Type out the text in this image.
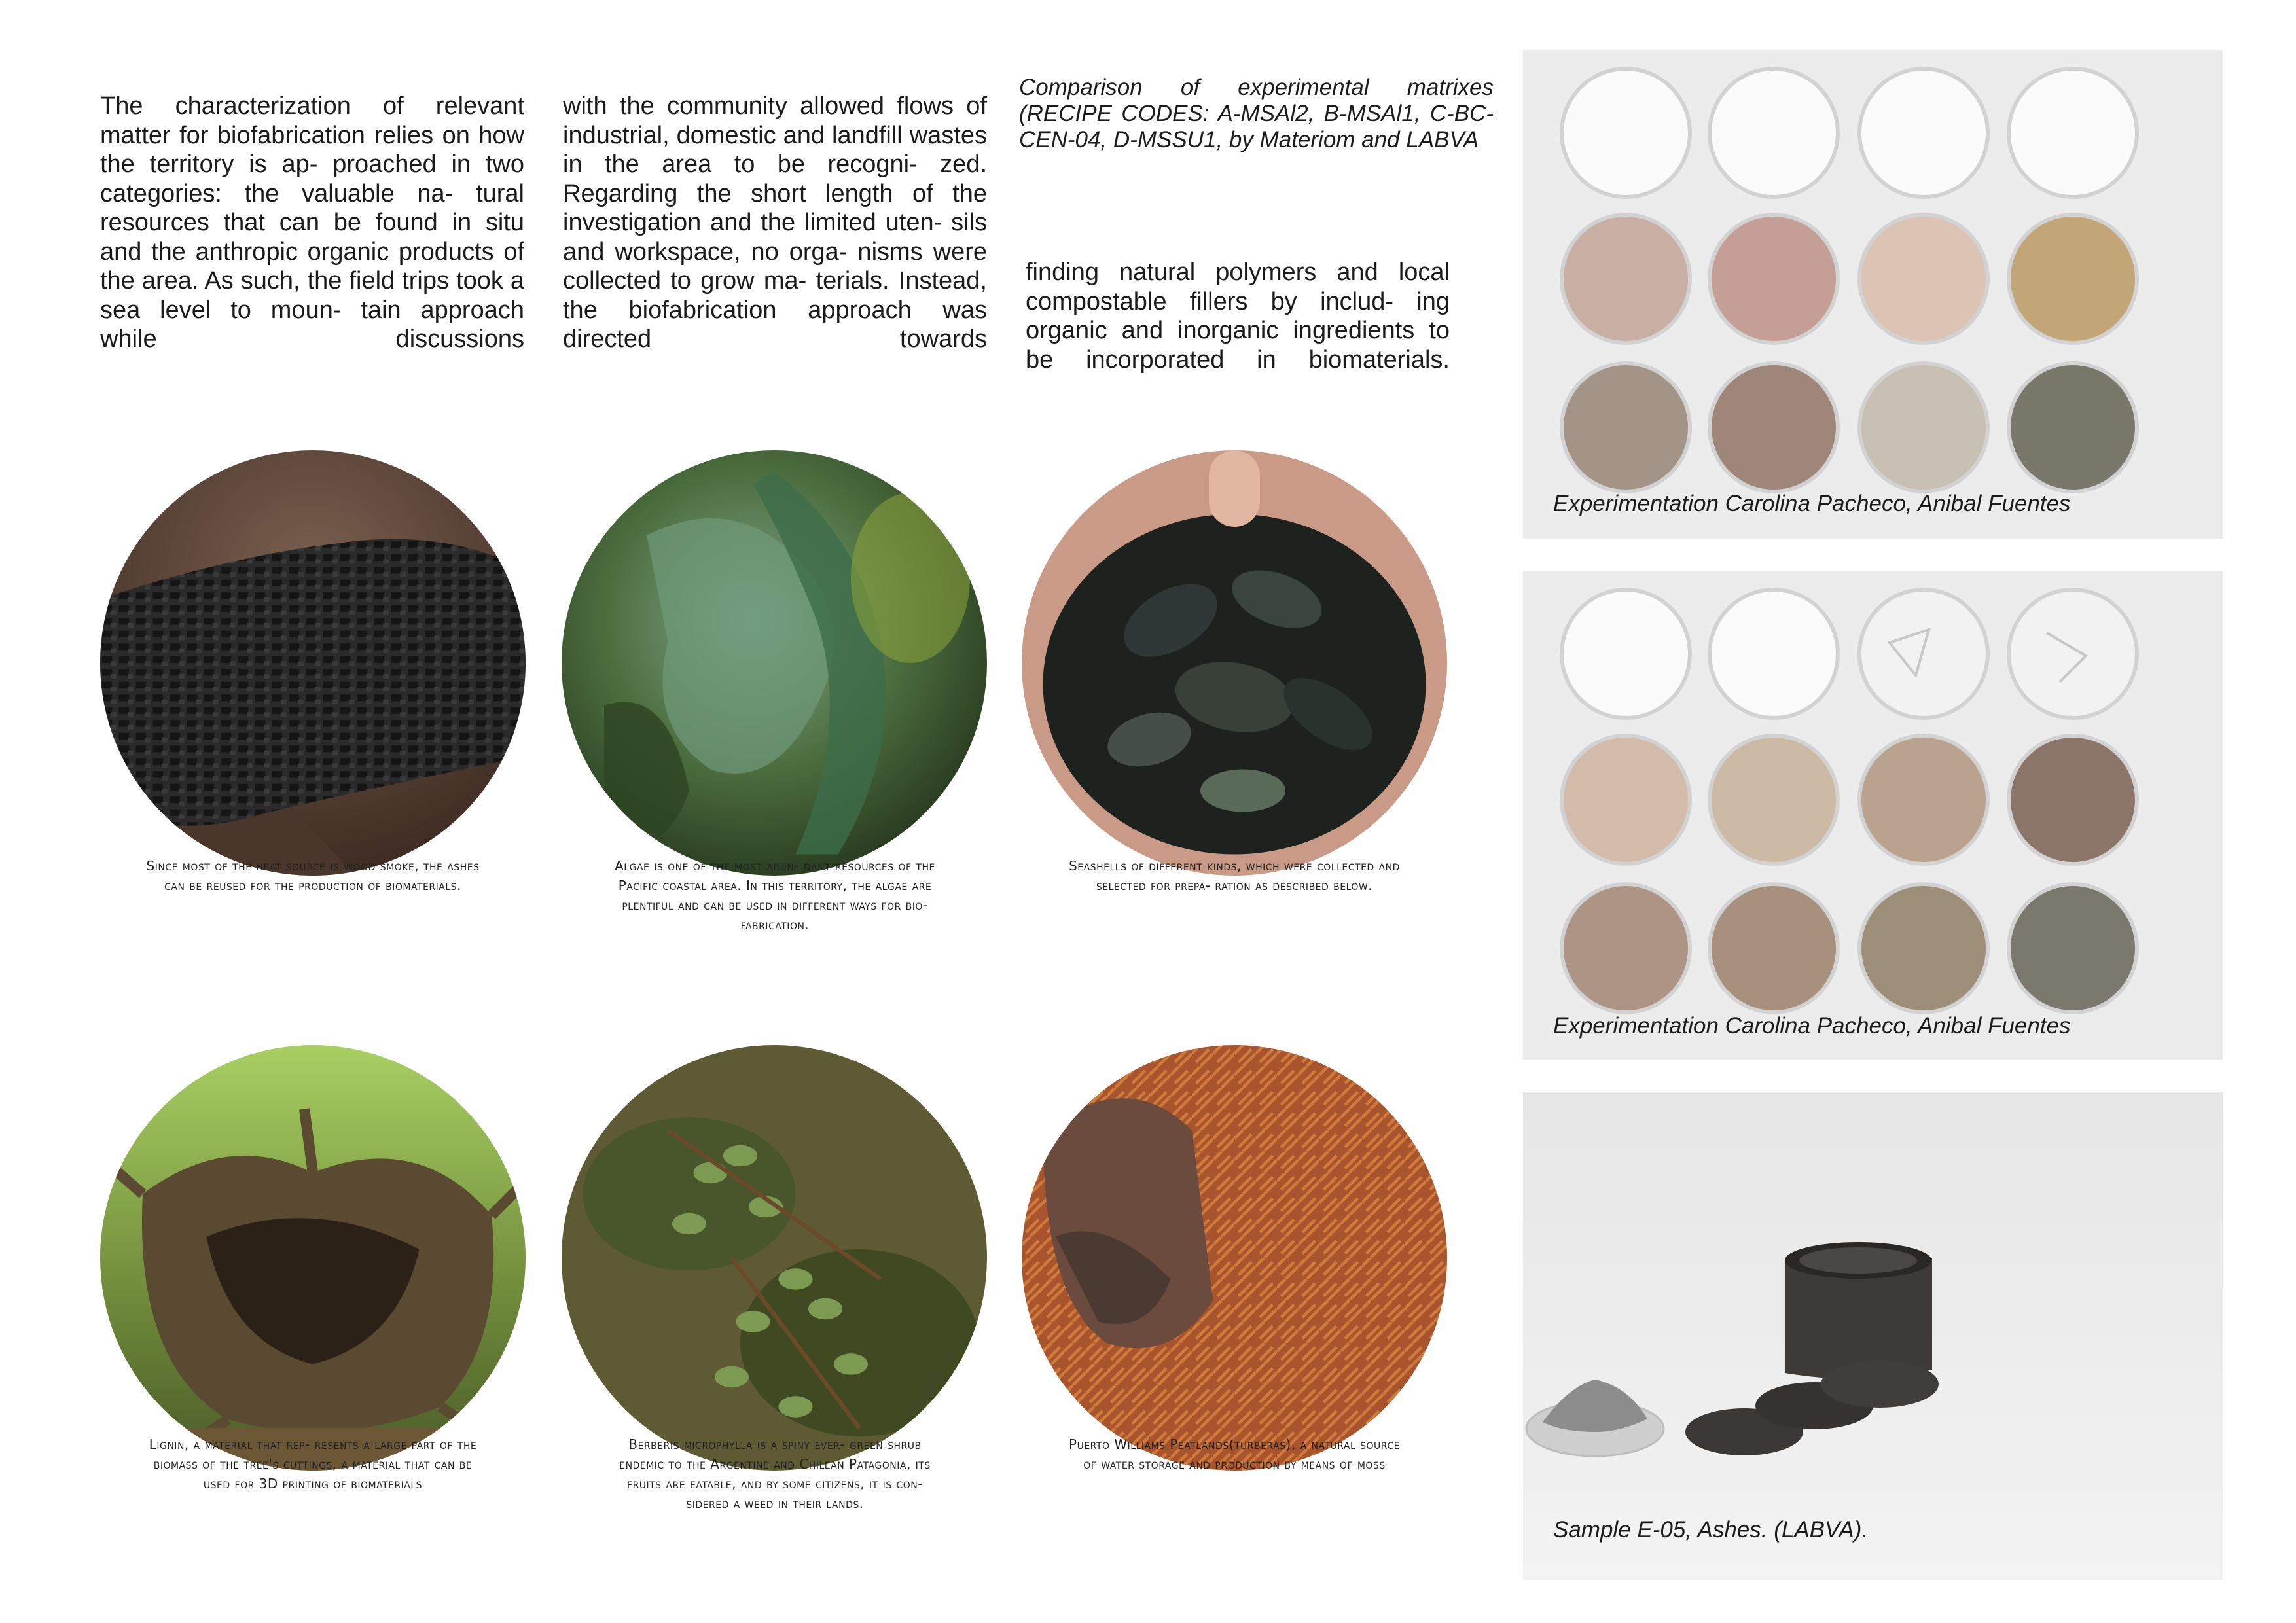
The characterization of relevant matter for biofabrication relies on how the territory is ap- proached in two categories: the valuable na- tural resources that can be found in situ and the anthropic organic products of the area. As such, the field trips took a sea level to moun- tain approach while discussions

with the community allowed flows of industrial, domestic and landfill wastes in the area to be recogni- zed. Regarding the short length of the investigation and the limited uten- sils and workspace, no orga- nisms were collected to grow ma- terials. Instead, the biofabrication approach was directed towards

Comparison of experimental matrixes (RECIPE CODES: A-MSAl2, B-MSAl1, C-BC-CEN-04, D-MSSU1, by Materiom and LABVA

finding natural polymers and local compostable fillers by includ- ing organic and inorganic ingredients to be incorporated in biomaterials.

Since most of the heat source is wood smoke, the ashes can be reused for the production of biomaterials.

Algae is one of the most abun- dant resources of the Pacific coastal area. In this territory, the algae are plentiful and can be used in different ways for bio-fabrication.

Seashells of different kinds, which were collected and selected for prepa- ration as described below.

Lignin, a material that rep- resents a large part of the biomass of the tree's cuttings, a material that can be used for 3D printing of biomaterials

Berberis microphylla is a spiny ever- green shrub endemic to the Argentine and Chilean Patagonia, its fruits are eatable, and by some citizens, it is con- sidered a weed in their lands.

Puerto Williams Peatlands(turberas), a natural source of water storage and production by means of moss

Experimentation Carolina Pacheco, Anibal Fuentes

Experimentation Carolina Pacheco, Anibal Fuentes

Sample E-05, Ashes. (LABVA).
